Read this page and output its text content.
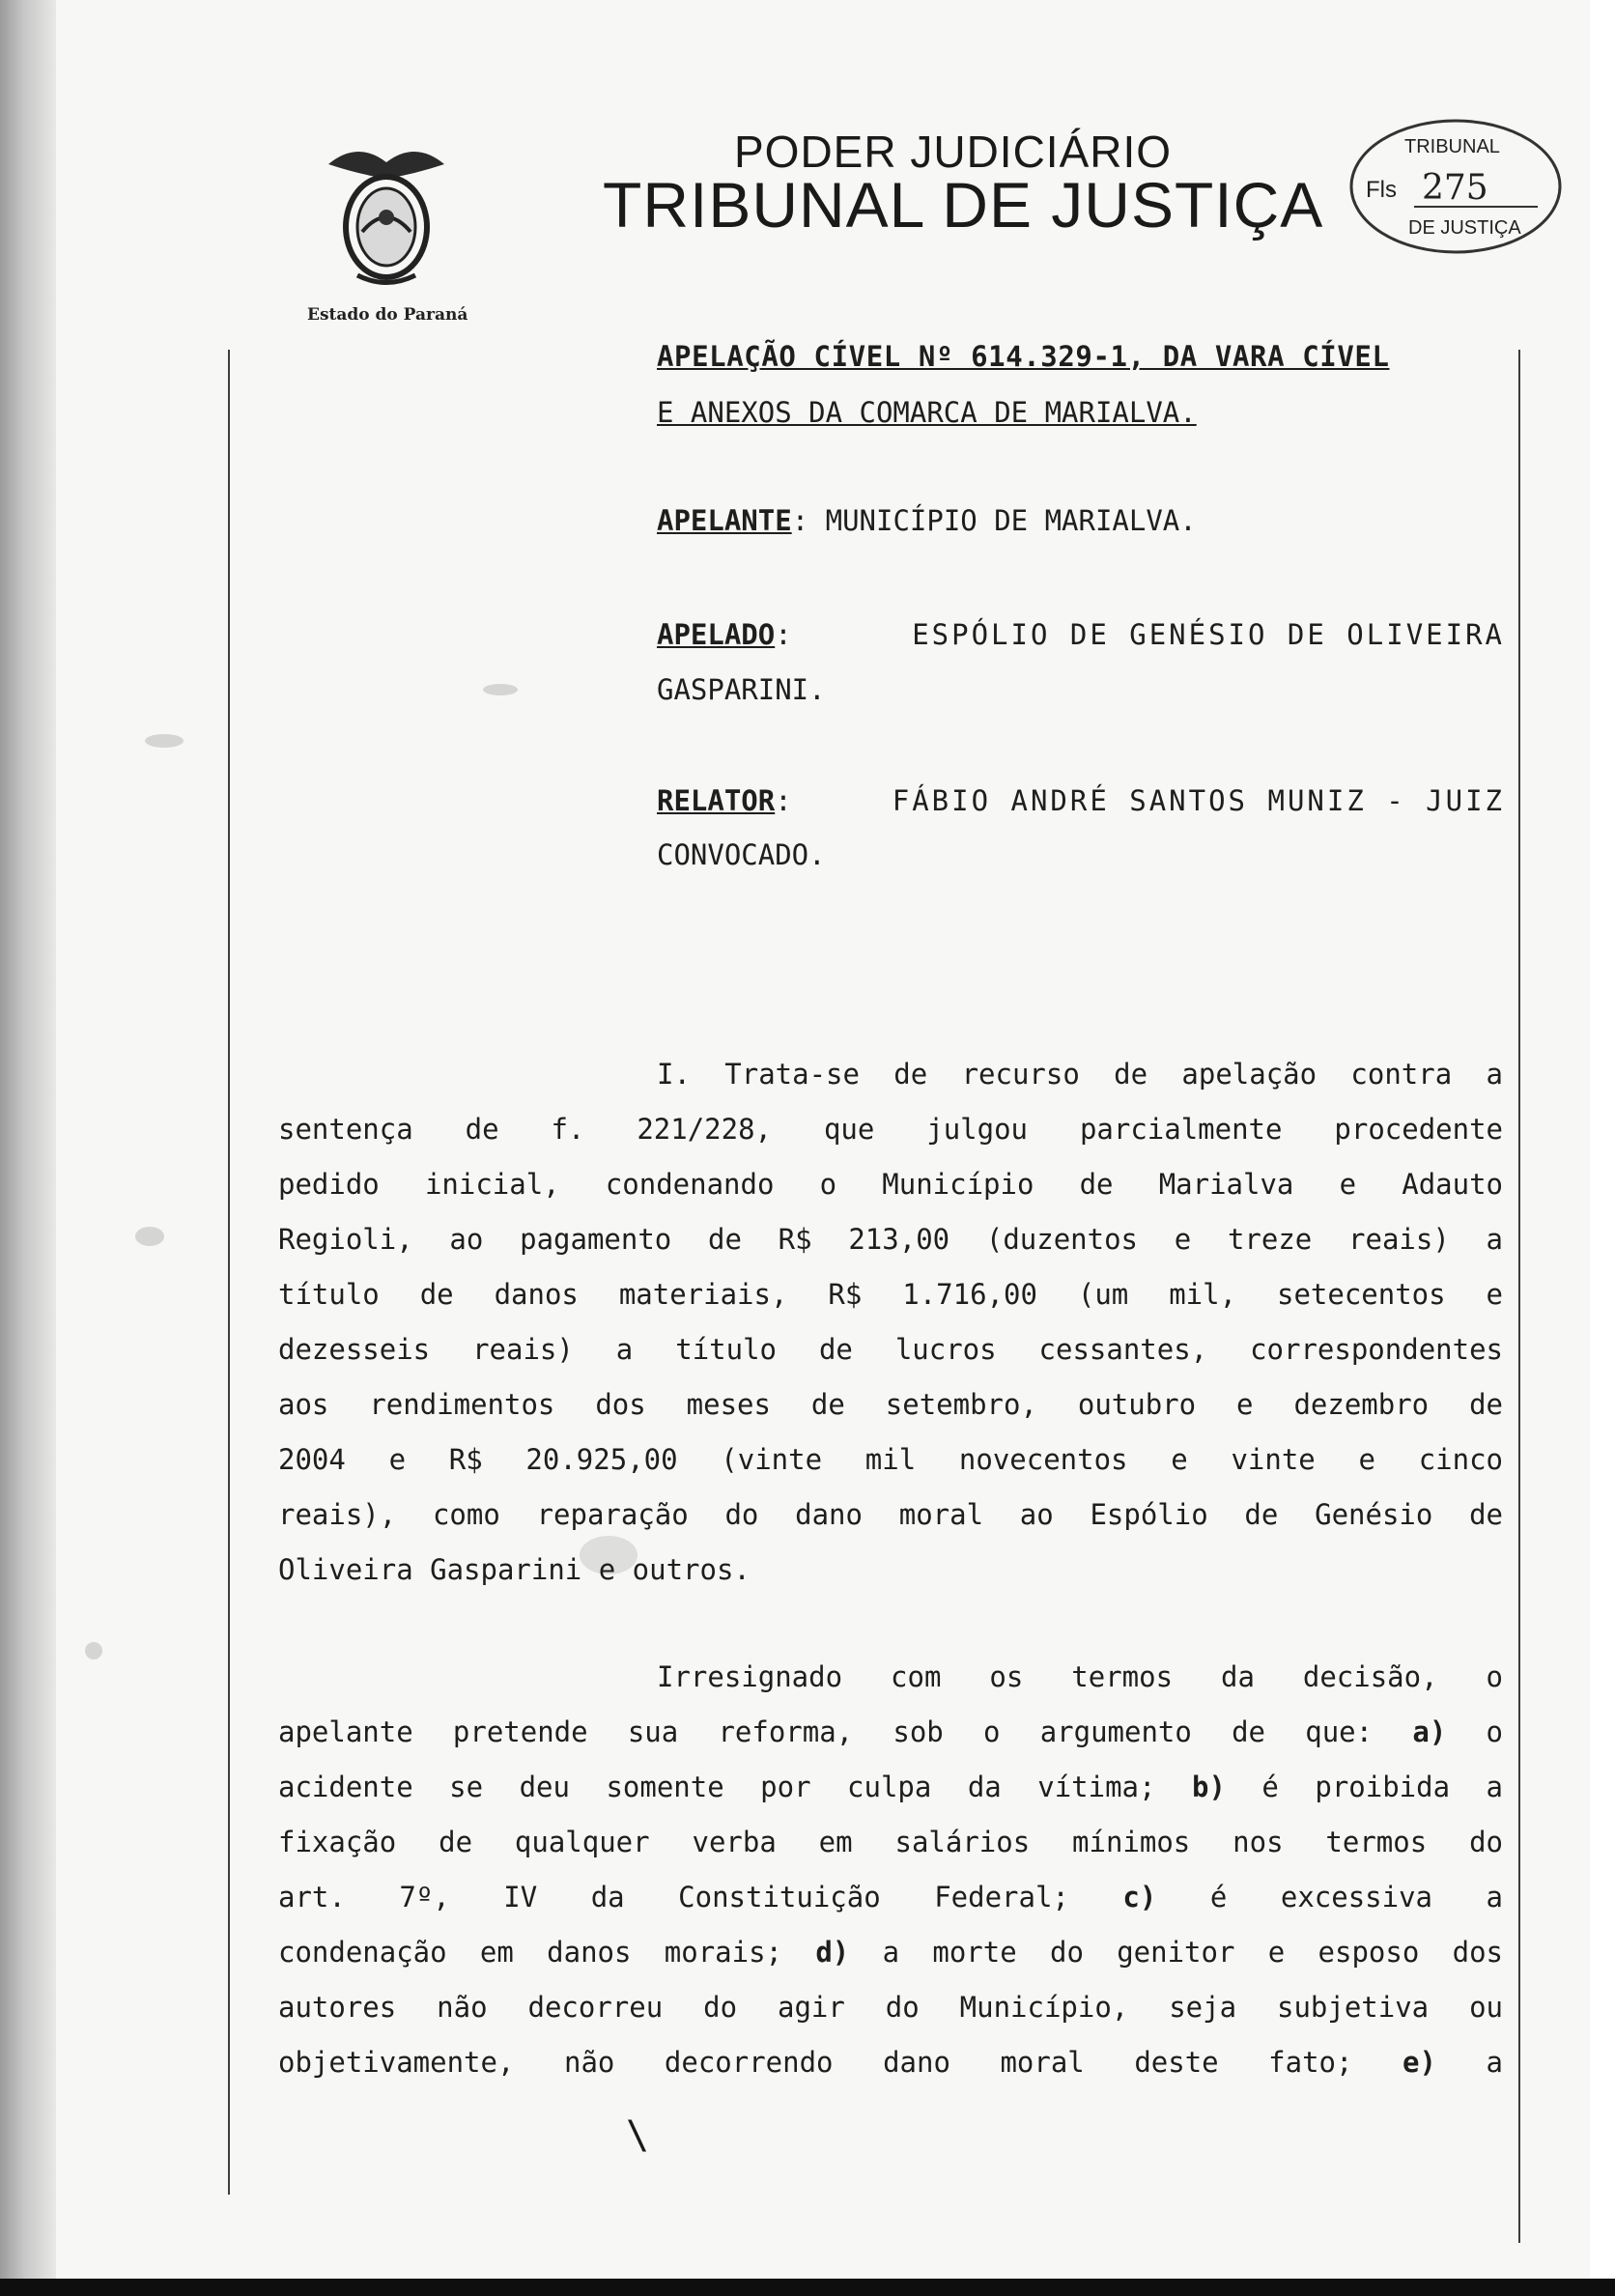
Estado do Paraná
PODER JUDICIÁRIO
TRIBUNAL DE JUSTIÇA
TRIBUNAL
Fls 275
DE JUSTIÇA
APELAÇÃO CÍVEL Nº 614.329-1, DA VARA CÍVEL
E ANEXOS DA COMARCA DE MARIALVA.
APELANTE: MUNICÍPIO DE MARIALVA.
APELADO:	ESPÓLIO DE GENÉSIO DE OLIVEIRA
GASPARINI.
RELATOR:	FÁBIO ANDRÉ SANTOS MUNIZ - JUIZ
CONVOCADO.

I. Trata-se de recurso de apelação contra a

sentença de f. 221/228, que julgou parcialmente procedente

pedido inicial, condenando o Município de Marialva e Adauto

Regioli, ao pagamento de R$ 213,00 (duzentos e treze reais) a

título de danos materiais, R$ 1.716,00 (um mil, setecentos e

dezesseis reais) a título de lucros cessantes, correspondentes

aos rendimentos dos meses de setembro, outubro e dezembro de

2004 e R$ 20.925,00 (vinte mil novecentos e vinte e cinco

reais), como reparação do dano moral ao Espólio de Genésio de

Oliveira Gasparini e outros.

Irresignado com os termos da decisão, o

apelante pretende sua reforma, sob o argumento de que: a) o

acidente se deu somente por culpa da vítima; b) é proibida a

fixação de qualquer verba em salários mínimos nos termos do

art. 7º, IV da Constituição Federal; c) é excessiva a

condenação em danos morais; d) a morte do genitor e esposo dos

autores não decorreu do agir do Município, seja subjetiva ou

objetivamente, não decorrendo dano moral deste fato; e) a

\
